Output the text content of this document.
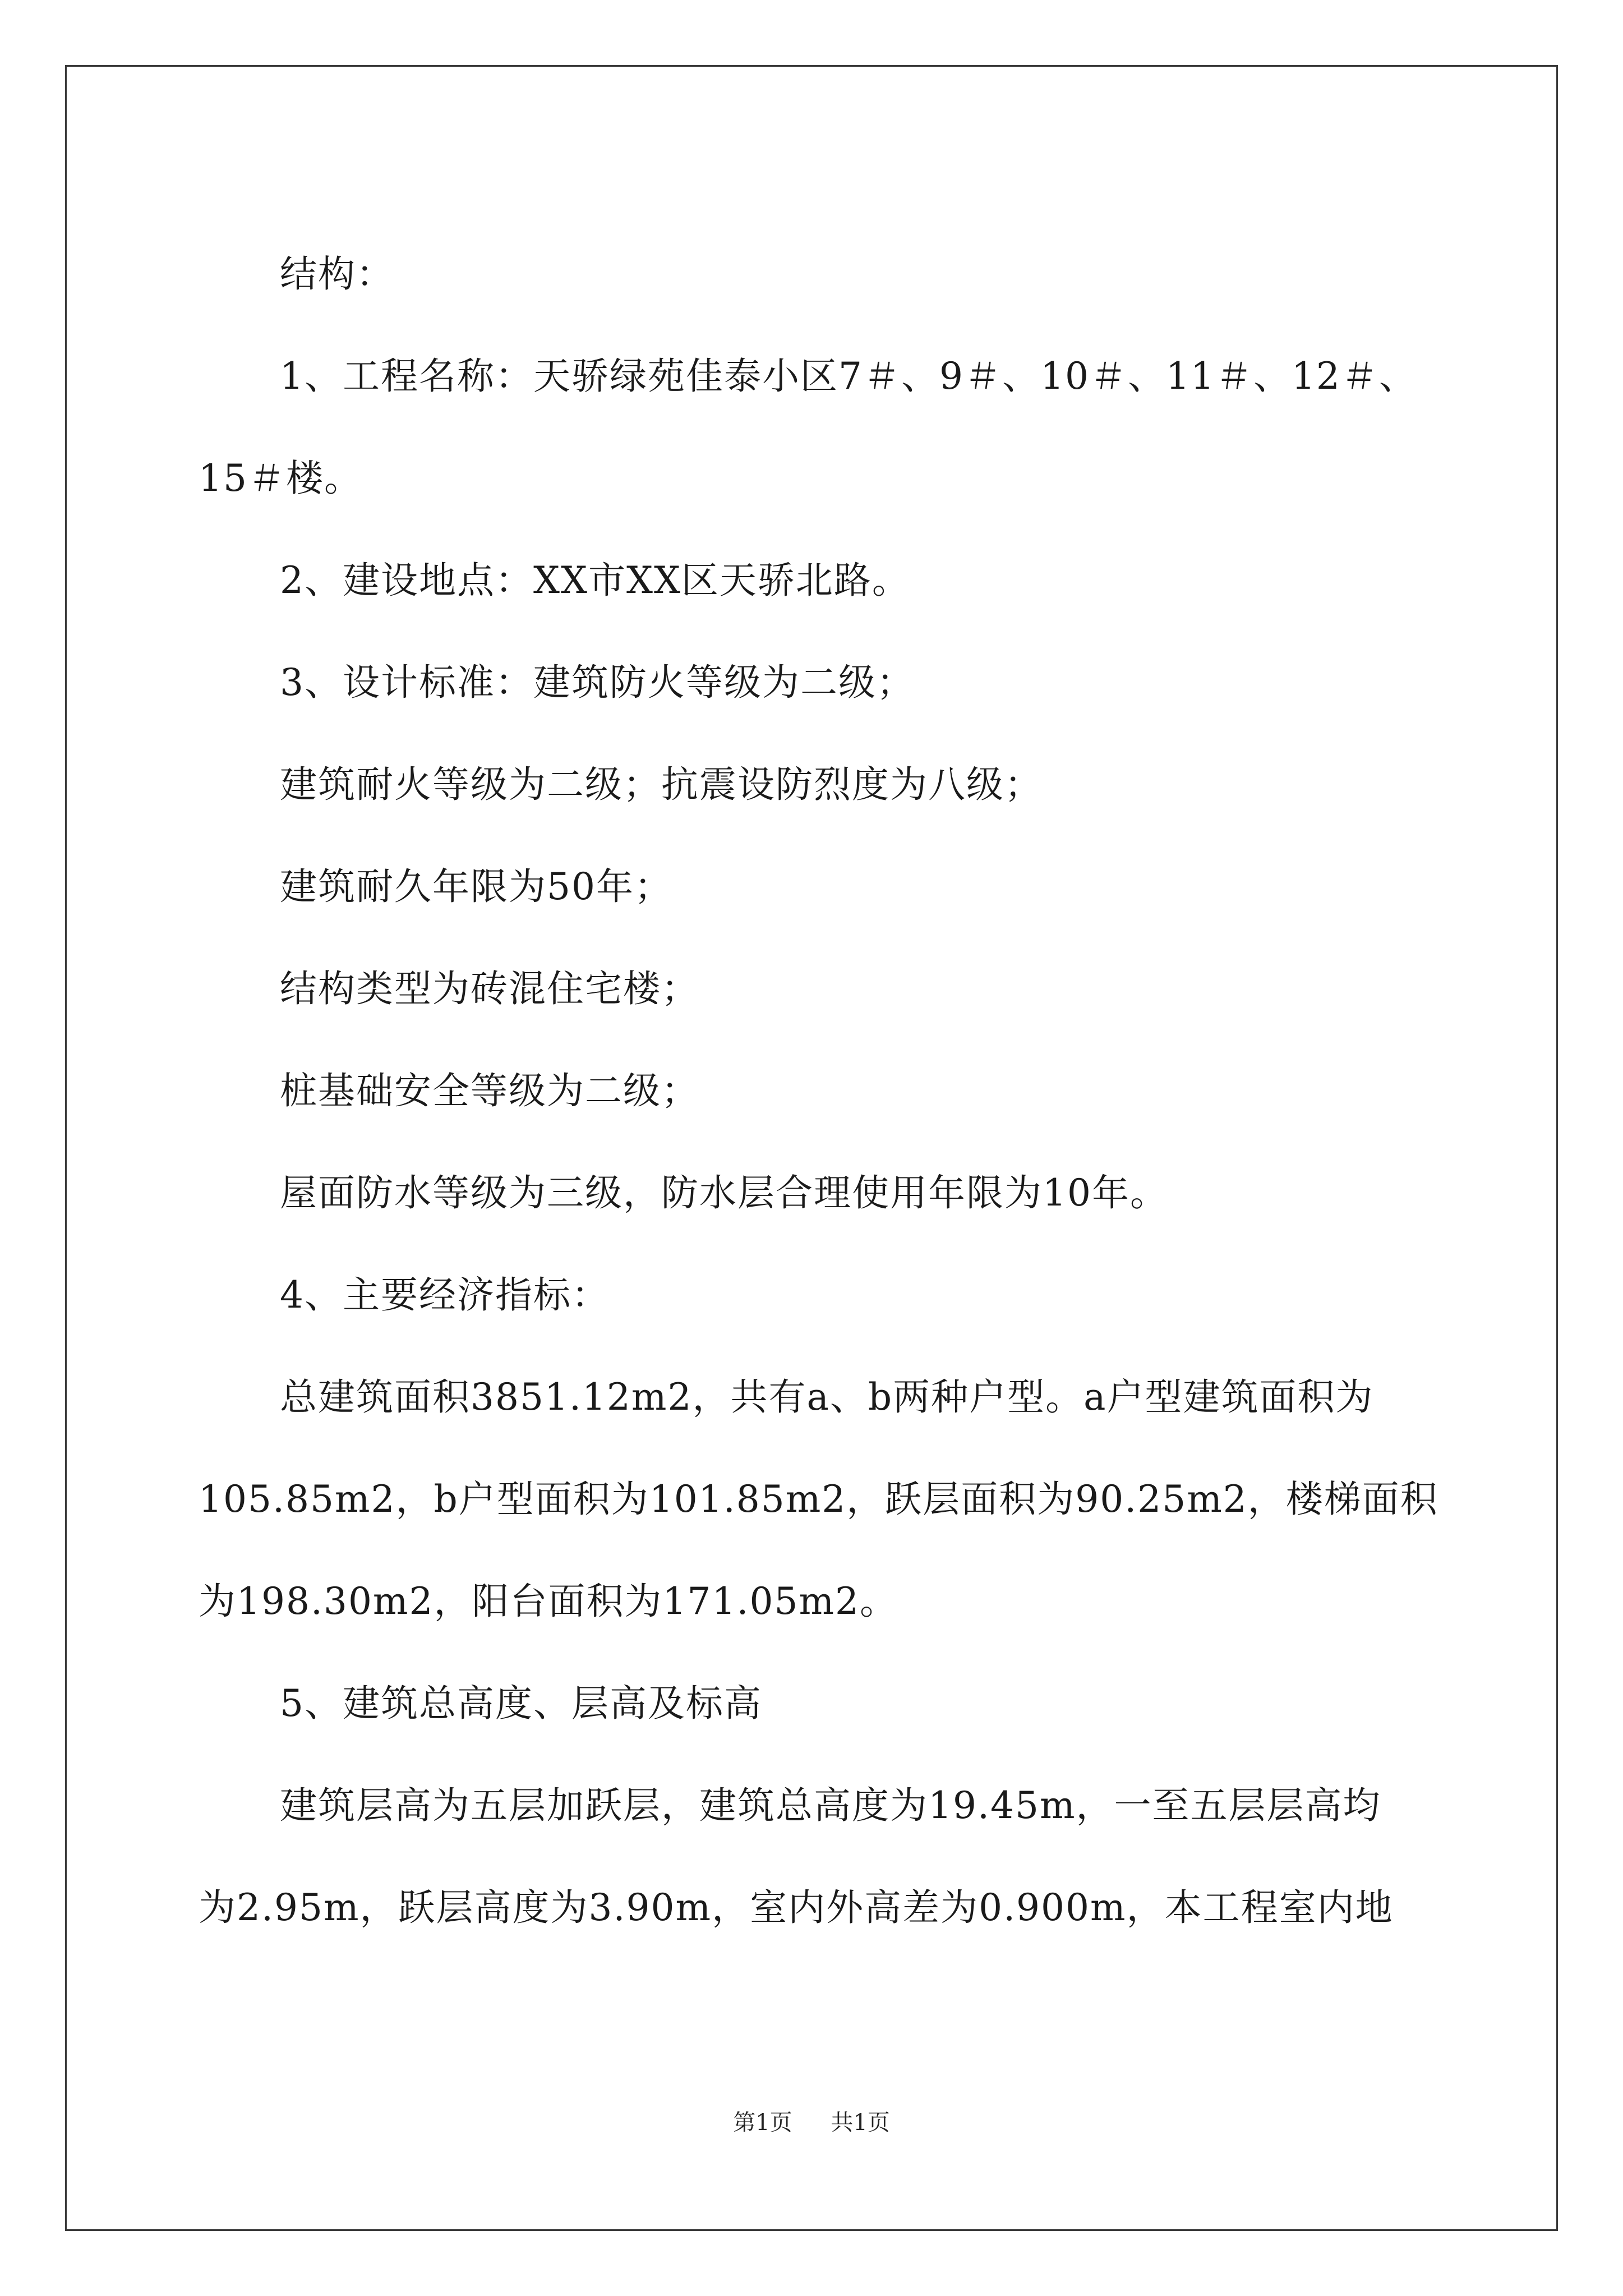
结构：

1、工程名称：天骄绿苑佳泰小区7＃、9＃、10＃、11＃、12＃、

15＃楼。

2、建设地点：XX市XX区天骄北路。

3、设计标准：建筑防火等级为二级；

建筑耐火等级为二级；抗震设防烈度为八级；

建筑耐久年限为50年；

结构类型为砖混住宅楼；

桩基础安全等级为二级；

屋面防水等级为三级，防水层合理使用年限为10年。

4、主要经济指标：

总建筑面积3851.12m2，共有a、b两种户型。a户型建筑面积为

105.85m2，b户型面积为101.85m2，跃层面积为90.25m2，楼梯面积

为198.30m2，阳台面积为171.05m2。

5、建筑总高度、层高及标高

建筑层高为五层加跃层，建筑总高度为19.45m，一至五层层高均

为2.95m，跃层高度为3.90m，室内外高差为0.900m，本工程室内地

第1页 共1页
